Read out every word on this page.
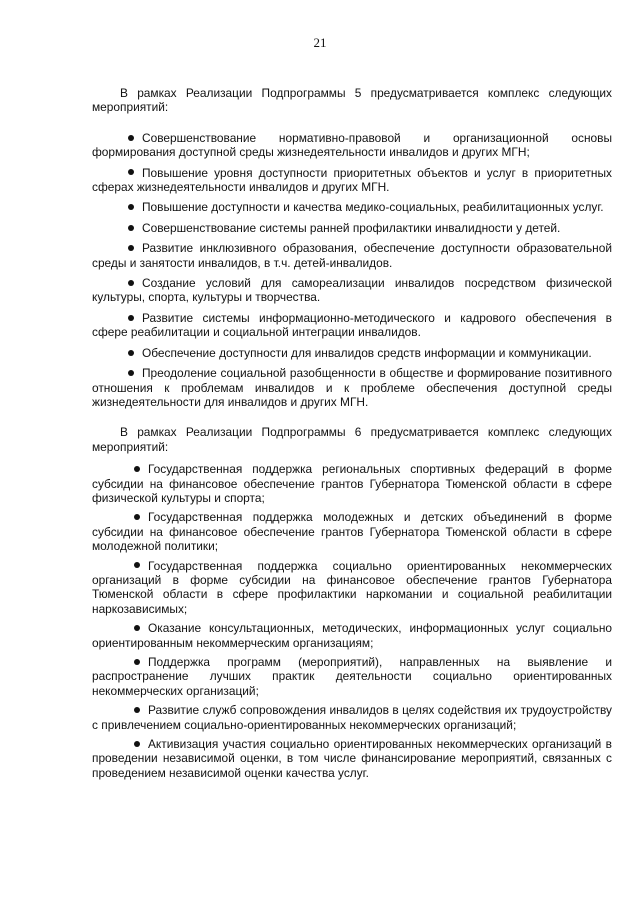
21

В рамках Реализации Подпрограммы 5 предусматривается комплекс следующих мероприятий:

Совершенствование нормативно-правовой и организационной основы формирования доступной среды жизнедеятельности инвалидов и других МГН;

Повышение уровня доступности приоритетных объектов и услуг в приоритетных сферах жизнедеятельности инвалидов и других МГН.

Повышение доступности и качества медико-социальных, реабилитационных услуг.

Совершенствование системы ранней профилактики инвалидности у детей.

Развитие инклюзивного образования, обеспечение доступности образовательной среды и занятости инвалидов, в т.ч. детей-инвалидов.

Создание условий для самореализации инвалидов посредством физической культуры, спорта, культуры и творчества.

Развитие системы информационно-методического и кадрового обеспечения в сфере реабилитации и социальной интеграции инвалидов.

Обеспечение доступности для инвалидов средств информации и коммуникации.

Преодоление социальной разобщенности в обществе и формирование позитивного отношения к проблемам инвалидов и к проблеме обеспечения доступной среды жизнедеятельности для инвалидов и других МГН.

В рамках Реализации Подпрограммы 6 предусматривается комплекс следующих мероприятий:

Государственная поддержка региональных спортивных федераций в форме субсидии на финансовое обеспечение грантов Губернатора Тюменской области в сфере физической культуры и спорта;

Государственная поддержка молодежных и детских объединений в форме субсидии на финансовое обеспечение грантов Губернатора Тюменской области в сфере молодежной политики;

Государственная поддержка социально ориентированных некоммерческих организаций в форме субсидии на финансовое обеспечение грантов Губернатора Тюменской области в сфере профилактики наркомании и социальной реабилитации наркозависимых;

Оказание консультационных, методических, информационных услуг социально ориентированным некоммерческим организациям;

Поддержка программ (мероприятий), направленных на выявление и распространение лучших практик деятельности социально ориентированных некоммерческих организаций;

Развитие служб сопровождения инвалидов в целях содействия их трудоустройству с привлечением социально-ориентированных некоммерческих организаций;

Активизация участия социально ориентированных некоммерческих организаций в проведении независимой оценки, в том числе финансирование мероприятий, связанных с проведением независимой оценки качества услуг.
